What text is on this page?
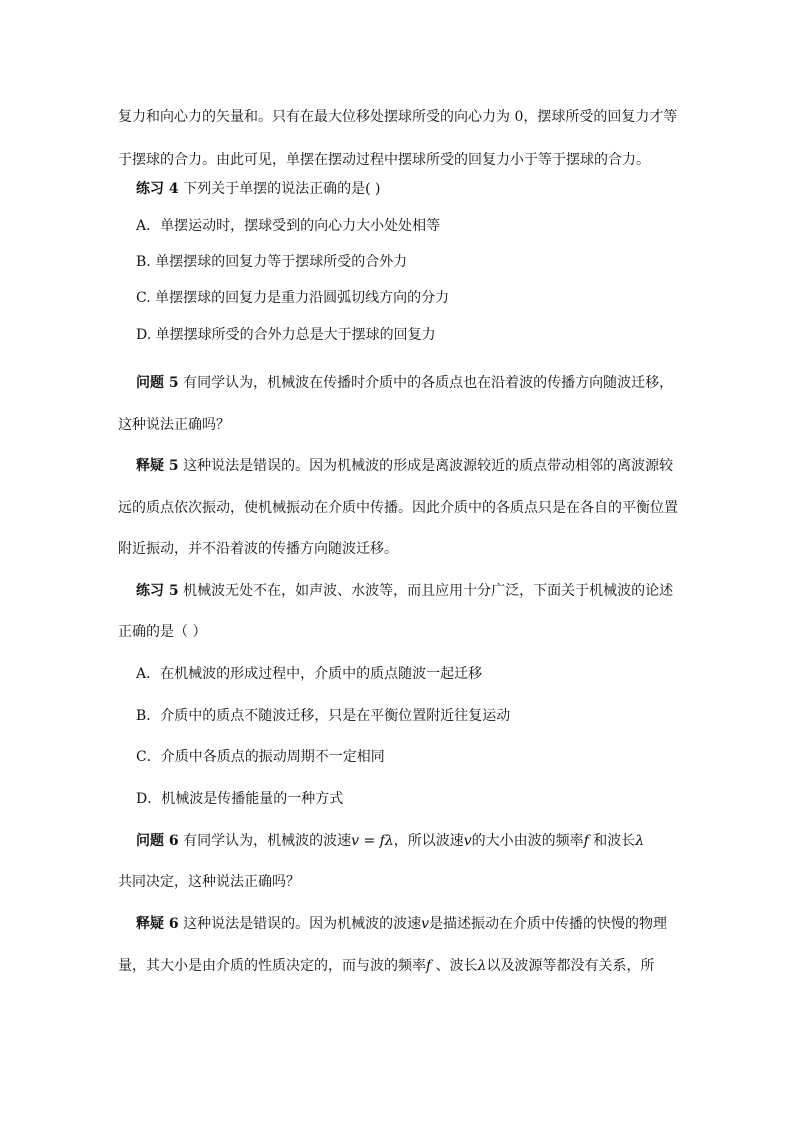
复力和向心力的矢量和。只有在最大位移处摆球所受的向心力为 0，摆球所受的回复力才等
于摆球的合力。由此可见，单摆在摆动过程中摆球所受的回复力小于等于摆球的合力。
练习 4 下列关于单摆的说法正确的是( )
A．单摆运动时，摆球受到的向心力大小处处相等
B. 单摆摆球的回复力等于摆球所受的合外力
C. 单摆摆球的回复力是重力沿圆弧切线方向的分力
D. 单摆摆球所受的合外力总是大于摆球的回复力
问题 5 有同学认为，机械波在传播时介质中的各质点也在沿着波的传播方向随波迁移，
这种说法正确吗？
释疑 5 这种说法是错误的。因为机械波的形成是离波源较近的质点带动相邻的离波源较
远的质点依次振动，使机械振动在介质中传播。因此介质中的各质点只是在各自的平衡位置
附近振动，并不沿着波的传播方向随波迁移。
练习 5 机械波无处不在，如声波、水波等，而且应用十分广泛，下面关于机械波的论述
正确的是（ ）
A．在机械波的形成过程中，介质中的质点随波一起迁移
B．介质中的质点不随波迁移，只是在平衡位置附近往复运动
C．介质中各质点的振动周期不一定相同
D．机械波是传播能量的一种方式
问题 6 有同学认为，机械波的波速v = fλ，所以波速v的大小由波的频率f 和波长λ
共同决定，这种说法正确吗？
释疑 6 这种说法是错误的。因为机械波的波速v是描述振动在介质中传播的快慢的物理
量，其大小是由介质的性质决定的，而与波的频率f 、波长λ以及波源等都没有关系，所
